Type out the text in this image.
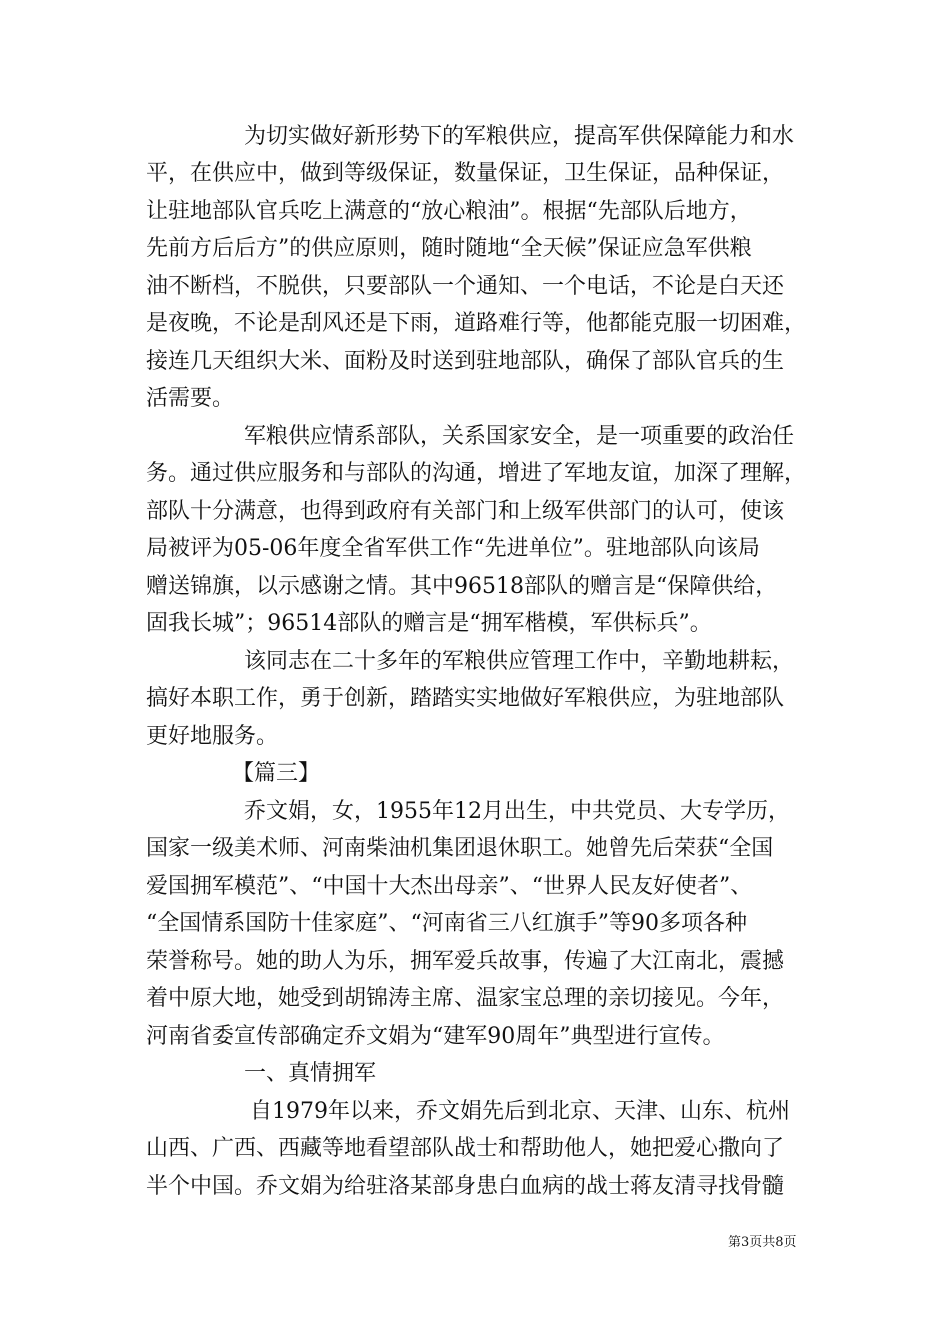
为切实做好新形势下的军粮供应，提高军供保障能力和水
平，在供应中，做到等级保证，数量保证，卫生保证，品种保证，
让驻地部队官兵吃上满意的“放心粮油”。根据“先部队后地方，
先前方后后方”的供应原则，随时随地“全天候”保证应急军供粮
油不断档，不脱供，只要部队一个通知、一个电话，不论是白天还
是夜晚，不论是刮风还是下雨，道路难行等，他都能克服一切困难，
接连几天组织大米、面粉及时送到驻地部队，确保了部队官兵的生
活需要。
军粮供应情系部队，关系国家安全，是一项重要的政治任
务。通过供应服务和与部队的沟通，增进了军地友谊，加深了理解，
部队十分满意，也得到政府有关部门和上级军供部门的认可，使该
局被评为05-06年度全省军供工作“先进单位”。驻地部队向该局
赠送锦旗，以示感谢之情。其中96518部队的赠言是“保障供给，
固我长城”；96514部队的赠言是“拥军楷模，军供标兵”。
该同志在二十多年的军粮供应管理工作中，辛勤地耕耘，
搞好本职工作，勇于创新，踏踏实实地做好军粮供应，为驻地部队
更好地服务。
【篇三】
乔文娟，女，1955年12月出生，中共党员、大专学历，
国家一级美术师、河南柴油机集团退休职工。她曾先后荣获“全国
爱国拥军模范”、“中国十大杰出母亲”、“世界人民友好使者”、
“全国情系国防十佳家庭”、“河南省三八红旗手”等90多项各种
荣誉称号。她的助人为乐，拥军爱兵故事，传遍了大江南北，震撼
着中原大地，她受到胡锦涛主席、温家宝总理的亲切接见。今年，
河南省委宣传部确定乔文娟为“建军90周年”典型进行宣传。
一、真情拥军
自1979年以来，乔文娟先后到北京、天津、山东、杭州
山西、广西、西藏等地看望部队战士和帮助他人，她把爱心撒向了
半个中国。乔文娟为给驻洛某部身患白血病的战士蒋友清寻找骨髓
第3页共8页
